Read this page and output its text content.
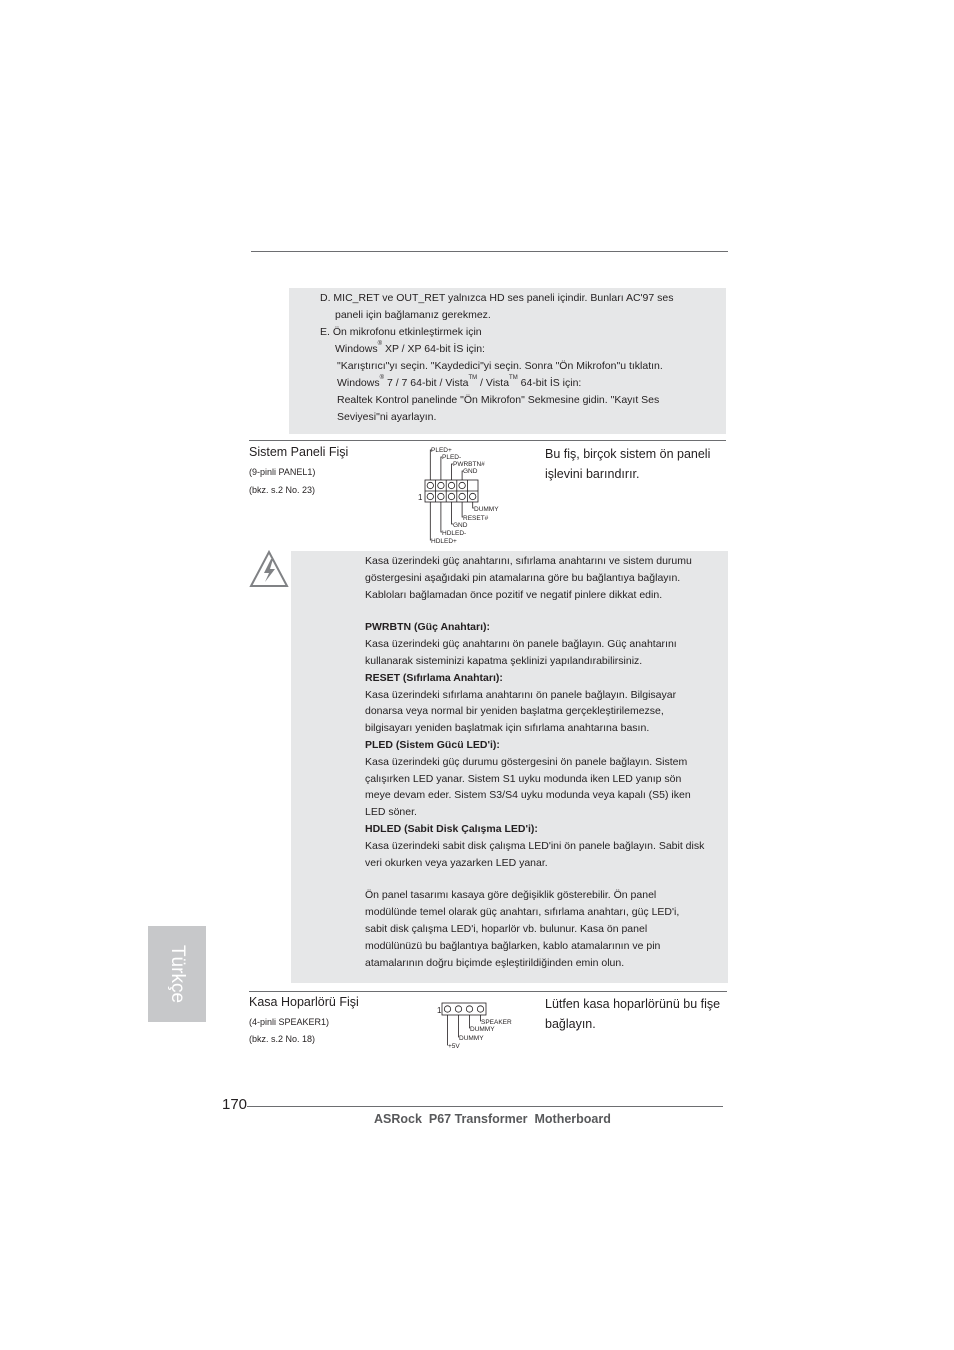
D. MIC_RET ve OUT_RET yalnızca HD ses paneli içindir. Bunları AC'97 ses
paneli için bağlamanız gerekmez.
E. Ön mikrofonu etkinleştirmek için
Windows® XP / XP 64-bit İS için:
"Karıştırıcı"yı seçin. "Kaydedici"yi seçin. Sonra "Ön Mikrofon"u tıklatın.
Windows® 7 / 7 64-bit / Vista™ / Vista™ 64-bit İS için:
Realtek Kontrol panelinde "Ön Mikrofon" Sekmesine gidin. "Kayıt Ses
Seviyesi"ni ayarlayın.
Sistem Paneli Fişi
(9-pinli PANEL1)
(bkz. s.2 No. 23)
Bu fiş, birçok sistem ön paneli
işlevini barındırır.
PLED+
PLED-
PWRBTN#
GND
DUMMY
RESET#
GND
HDLED-
HDLED+
1
Kasa üzerindeki güç anahtarını, sıfırlama anahtarını ve sistem durumu
göstergesini aşağıdaki pin atamalarına göre bu bağlantıya bağlayın.
Kabloları bağlamadan önce pozitif ve negatif pinlere dikkat edin.
PWRBTN (Güç Anahtarı):
Kasa üzerindeki güç anahtarını ön panele bağlayın. Güç anahtarını
kullanarak sisteminizi kapatma şeklinizi yapılandırabilirsiniz.
RESET (Sıfırlama Anahtarı):
Kasa üzerindeki sıfırlama anahtarını ön panele bağlayın. Bilgisayar
donarsa veya normal bir yeniden başlatma gerçekleştirilemezse,
bilgisayarı yeniden başlatmak için sıfırlama anahtarına basın.
PLED (Sistem Gücü LED'i):
Kasa üzerindeki güç durumu göstergesini ön panele bağlayın. Sistem
çalışırken LED yanar. Sistem S1 uyku modunda iken LED yanıp sön
meye devam eder. Sistem S3/S4 uyku modunda veya kapalı (S5) iken
LED söner.
HDLED (Sabit Disk Çalışma LED'i):
Kasa üzerindeki sabit disk çalışma LED'ini ön panele bağlayın. Sabit disk
veri okurken veya yazarken LED yanar.
Ön panel tasarımı kasaya göre değişiklik gösterebilir. Ön panel
modülünde temel olarak güç anahtarı, sıfırlama anahtarı, güç LED'i,
sabit disk çalışma LED'i, hoparlör vb. bulunur. Kasa ön panel
modülünüzü bu bağlantıya bağlarken, kablo atamalarının ve pin
atamalarının doğru biçimde eşleştirildiğinden emin olun.
Türkçe	Kasa Hoparlörü Fişi
(4-pinli SPEAKER1)
(bkz. s.2 No. 18)
Lütfen kasa hoparlörünü bu fişe
bağlayın.
SPEAKER
DUMMY
DUMMY
+5V
1
170
ASRock  P67 Transformer  Motherboard
